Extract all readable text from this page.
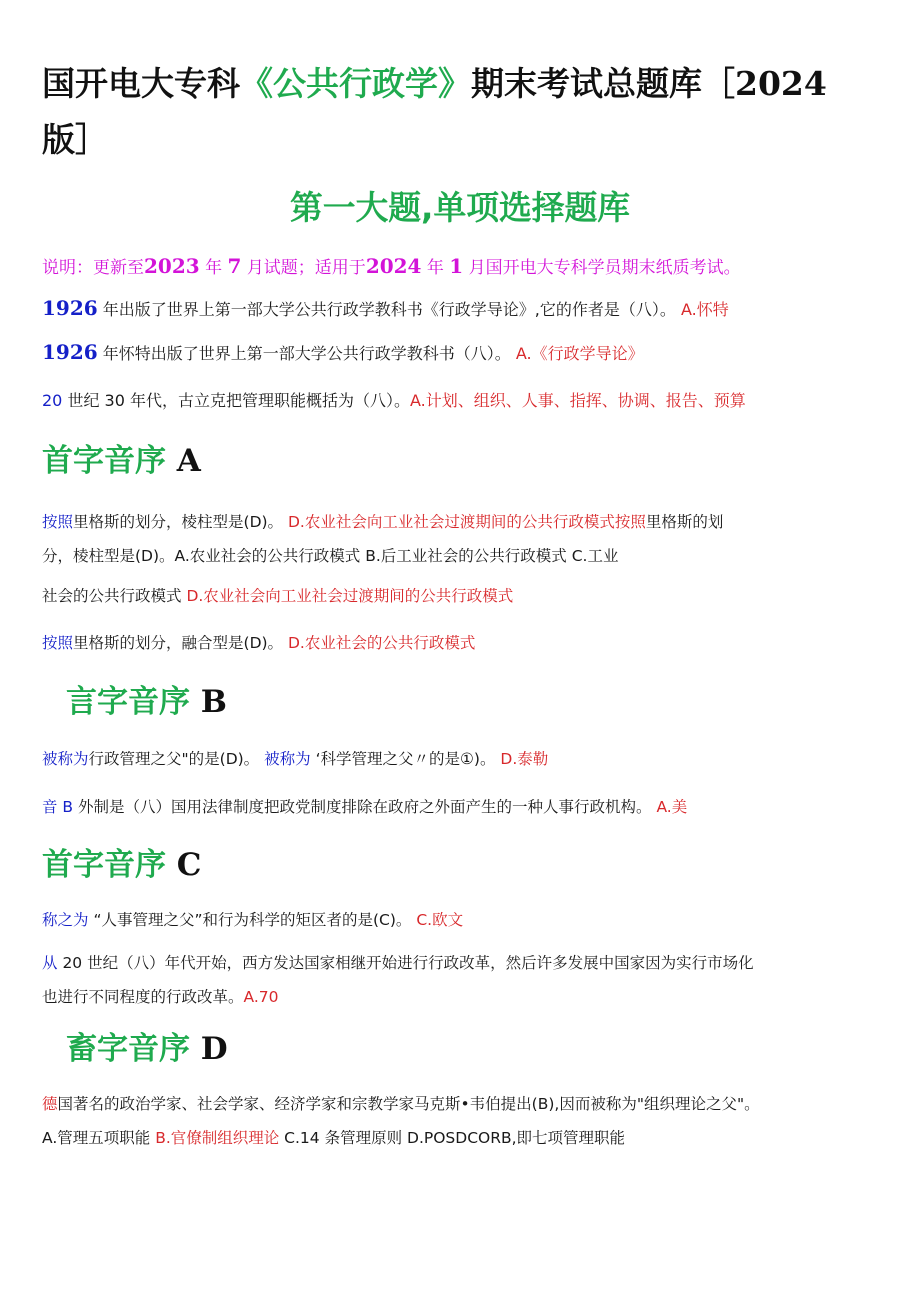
国开电大专科《公共行政学》期末考试总题库［2024
版］
第一大题,单项选择题库

说明：更新至2023 年 7 月试题；适用于2024 年 1 月国开电大专科学员期末纸质考试。

1926 年出版了世界上第一部大学公共行政学教科书《行政学导论》,它的作者是（八）。 A.怀特

1926 年怀特出版了世界上第一部大学公共行政学教科书（八）。 A.《行政学导论》

20 世纪 30 年代，古立克把管理职能概括为（八）。A.计划、组织、人事、指挥、协调、报告、预算

首字音序 A

按照里格斯的划分，棱柱型是(D)。 D.农业社会向工业社会过渡期间的公共行政模式按照里格斯的划

分，棱柱型是(D)。A.农业社会的公共行政模式 B.后工业社会的公共行政模式 C.工业

社会的公共行政模式 D.农业社会向工业社会过渡期间的公共行政模式

按照里格斯的划分，融合型是(D)。 D.农业社会的公共行政模式

言字音序 B

被称为行政管理之父"的是(D)。 被称为 ‘科学管理之父〃的是①)。 D.泰勒

音 B 外制是（八）国用法律制度把政党制度排除在政府之外面产生的一种人事行政机构。 A.美

首字音序 C

称之为 “人事管理之父”和行为科学的矩区者的是(C)。 C.欧文

从 20 世纪（八）年代开始，西方发达国家相继开始进行行政改革，然后许多发展中国家因为实行市场化

也进行不同程度的行政改革。A.70

畜字音序 D

德国著名的政治学家、社会学家、经济学家和宗教学家马克斯•韦伯提出(B),因而被称为"组织理论之父"。

A.管理五项职能 B.官僚制组织理论 C.14 条管理原则 D.POSDCORB,即七项管理职能
